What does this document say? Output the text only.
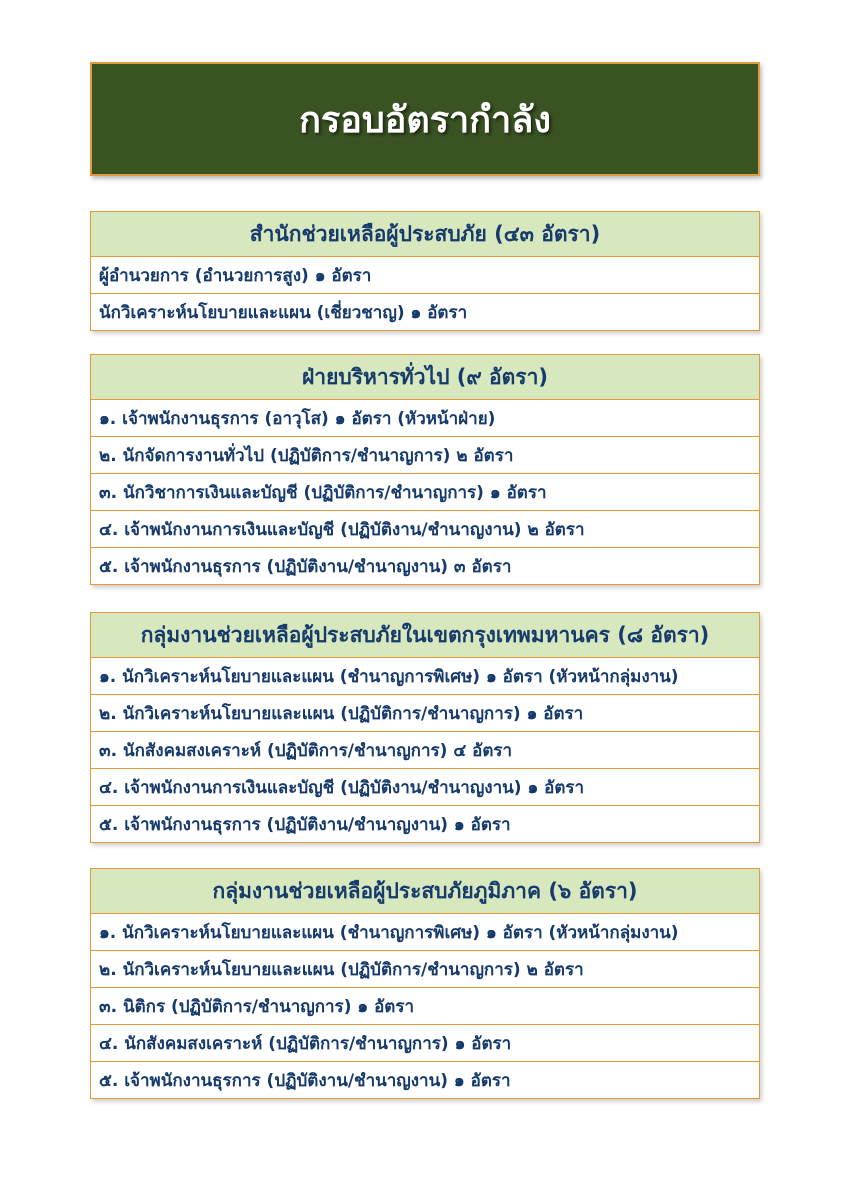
กรอบอัตรากำลัง
สำนักช่วยเหลือผู้ประสบภัย (๔๓ อัตรา)
ผู้อำนวยการ (อำนวยการสูง) ๑ อัตรา
นักวิเคราะห์นโยบายและแผน (เชี่ยวชาญ) ๑ อัตรา
ฝ่ายบริหารทั่วไป (๙ อัตรา)
๑. เจ้าพนักงานธุรการ (อาวุโส) ๑ อัตรา (หัวหน้าฝ่าย)
๒. นักจัดการงานทั่วไป (ปฏิบัติการ/ชำนาญการ) ๒ อัตรา
๓. นักวิชาการเงินและบัญชี (ปฏิบัติการ/ชำนาญการ) ๑ อัตรา
๔. เจ้าพนักงานการเงินและบัญชี (ปฏิบัติงาน/ชำนาญงาน) ๒ อัตรา
๕. เจ้าพนักงานธุรการ (ปฏิบัติงาน/ชำนาญงาน) ๓ อัตรา
กลุ่มงานช่วยเหลือผู้ประสบภัยในเขตกรุงเทพมหานคร (๘ อัตรา)
๑. นักวิเคราะห์นโยบายและแผน (ชำนาญการพิเศษ) ๑ อัตรา (หัวหน้ากลุ่มงาน)
๒. นักวิเคราะห์นโยบายและแผน (ปฏิบัติการ/ชำนาญการ) ๑ อัตรา
๓. นักสังคมสงเคราะห์ (ปฏิบัติการ/ชำนาญการ) ๔ อัตรา
๔. เจ้าพนักงานการเงินและบัญชี (ปฏิบัติงาน/ชำนาญงาน) ๑ อัตรา
๕. เจ้าพนักงานธุรการ (ปฏิบัติงาน/ชำนาญงาน) ๑ อัตรา
กลุ่มงานช่วยเหลือผู้ประสบภัยภูมิภาค (๖ อัตรา)
๑. นักวิเคราะห์นโยบายและแผน (ชำนาญการพิเศษ) ๑ อัตรา (หัวหน้ากลุ่มงาน)
๒. นักวิเคราะห์นโยบายและแผน (ปฏิบัติการ/ชำนาญการ) ๒ อัตรา
๓. นิติกร (ปฏิบัติการ/ชำนาญการ) ๑ อัตรา
๔. นักสังคมสงเคราะห์ (ปฏิบัติการ/ชำนาญการ) ๑ อัตรา
๕. เจ้าพนักงานธุรการ (ปฏิบัติงาน/ชำนาญงาน) ๑ อัตรา
